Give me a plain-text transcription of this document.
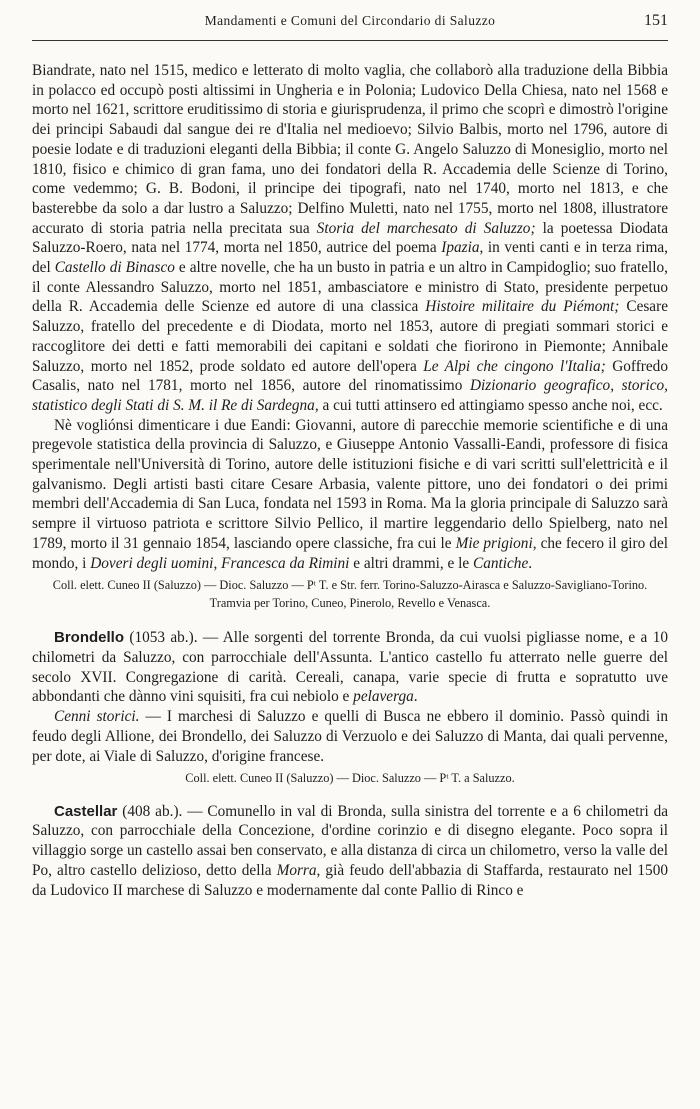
Mandamenti e Comuni del Circondario di Saluzzo	151

Biandrate, nato nel 1515, medico e letterato di molto vaglia, che collaborò alla traduzione della Bibbia in polacco ed occupò posti altissimi in Ungheria e in Polonia; Ludovico Della Chiesa, nato nel 1568 e morto nel 1621, scrittore eruditissimo di storia e giurisprudenza, il primo che scoprì e dimostrò l'origine dei principi Sabaudi dal sangue dei re d'Italia nel medioevo; Silvio Balbis, morto nel 1796, autore di poesie lodate e di traduzioni eleganti della Bibbia; il conte G. Angelo Saluzzo di Monesiglio, morto nel 1810, fisico e chimico di gran fama, uno dei fondatori della R. Accademia delle Scienze di Torino, come vedemmo; G. B. Bodoni, il principe dei tipografi, nato nel 1740, morto nel 1813, e che basterebbe da solo a dar lustro a Saluzzo; Delfino Muletti, nato nel 1755, morto nel 1808, illustratore accurato di storia patria nella precitata sua Storia del marchesato di Saluzzo; la poetessa Diodata Saluzzo-Roero, nata nel 1774, morta nel 1850, autrice del poema Ipazia, in venti canti e in terza rima, del Castello di Binasco e altre novelle, che ha un busto in patria e un altro in Campidoglio; suo fratello, il conte Alessandro Saluzzo, morto nel 1851, ambasciatore e ministro di Stato, presidente perpetuo della R. Accademia delle Scienze ed autore di una classica Histoire militaire du Piémont; Cesare Saluzzo, fratello del precedente e di Diodata, morto nel 1853, autore di pregiati sommari storici e raccoglitore dei detti e fatti memorabili dei capitani e soldati che fiorirono in Piemonte; Annibale Saluzzo, morto nel 1852, prode soldato ed autore dell'opera Le Alpi che cingono l'Italia; Goffredo Casalis, nato nel 1781, morto nel 1856, autore del rinomatissimo Dizionario geografico, storico, statistico degli Stati di S. M. il Re di Sardegna, a cui tutti attinsero ed attingiamo spesso anche noi, ecc.

Nè vogliónsi dimenticare i due Eandi: Giovanni, autore di parecchie memorie scientifiche e di una pregevole statistica della provincia di Saluzzo, e Giuseppe Antonio Vassalli-Eandi, professore di fisica sperimentale nell'Università di Torino, autore delle istituzioni fisiche e di vari scritti sull'elettricità e il galvanismo. Degli artisti basti citare Cesare Arbasia, valente pittore, uno dei fondatori o dei primi membri dell'Accademia di San Luca, fondata nel 1593 in Roma. Ma la gloria principale di Saluzzo sarà sempre il virtuoso patriota e scrittore Silvio Pellico, il martire leggendario dello Spielberg, nato nel 1789, morto il 31 gennaio 1854, lasciando opere classiche, fra cui le Mie prigioni, che fecero il giro del mondo, i Doveri degli uomini, Francesca da Rimini e altri drammi, e le Cantiche.

Coll. elett. Cuneo II (Saluzzo) — Dioc. Saluzzo — Pᵗ T. e Str. ferr. Torino-Saluzzo-Airasca e Saluzzo-Savigliano-Torino. Tramvia per Torino, Cuneo, Pinerolo, Revello e Venasca.

Brondello (1053 ab.). — Alle sorgenti del torrente Bronda, da cui vuolsi pigliasse nome, e a 10 chilometri da Saluzzo, con parrocchiale dell'Assunta. L'antico castello fu atterrato nelle guerre del secolo XVII. Congregazione di carità. Cereali, canapa, varie specie di frutta e sopratutto uve abbondanti che dànno vini squisiti, fra cui nebiolo e pelaverga.

Cenni storici. — I marchesi di Saluzzo e quelli di Busca ne ebbero il dominio. Passò quindi in feudo degli Allione, dei Brondello, dei Saluzzo di Verzuolo e dei Saluzzo di Manta, dai quali pervenne, per dote, ai Viale di Saluzzo, d'origine francese.

Coll. elett. Cuneo II (Saluzzo) — Dioc. Saluzzo — Pᵗ T. a Saluzzo.

Castellar (408 ab.). — Comunello in val di Bronda, sulla sinistra del torrente e a 6 chilometri da Saluzzo, con parrocchiale della Concezione, d'ordine corinzio e di disegno elegante. Poco sopra il villaggio sorge un castello assai ben conservato, e alla distanza di circa un chilometro, verso la valle del Po, altro castello delizioso, detto della Morra, già feudo dell'abbazia di Staffarda, restaurato nel 1500 da Ludovico II marchese di Saluzzo e modernamente dal conte Pallio di Rinco e
